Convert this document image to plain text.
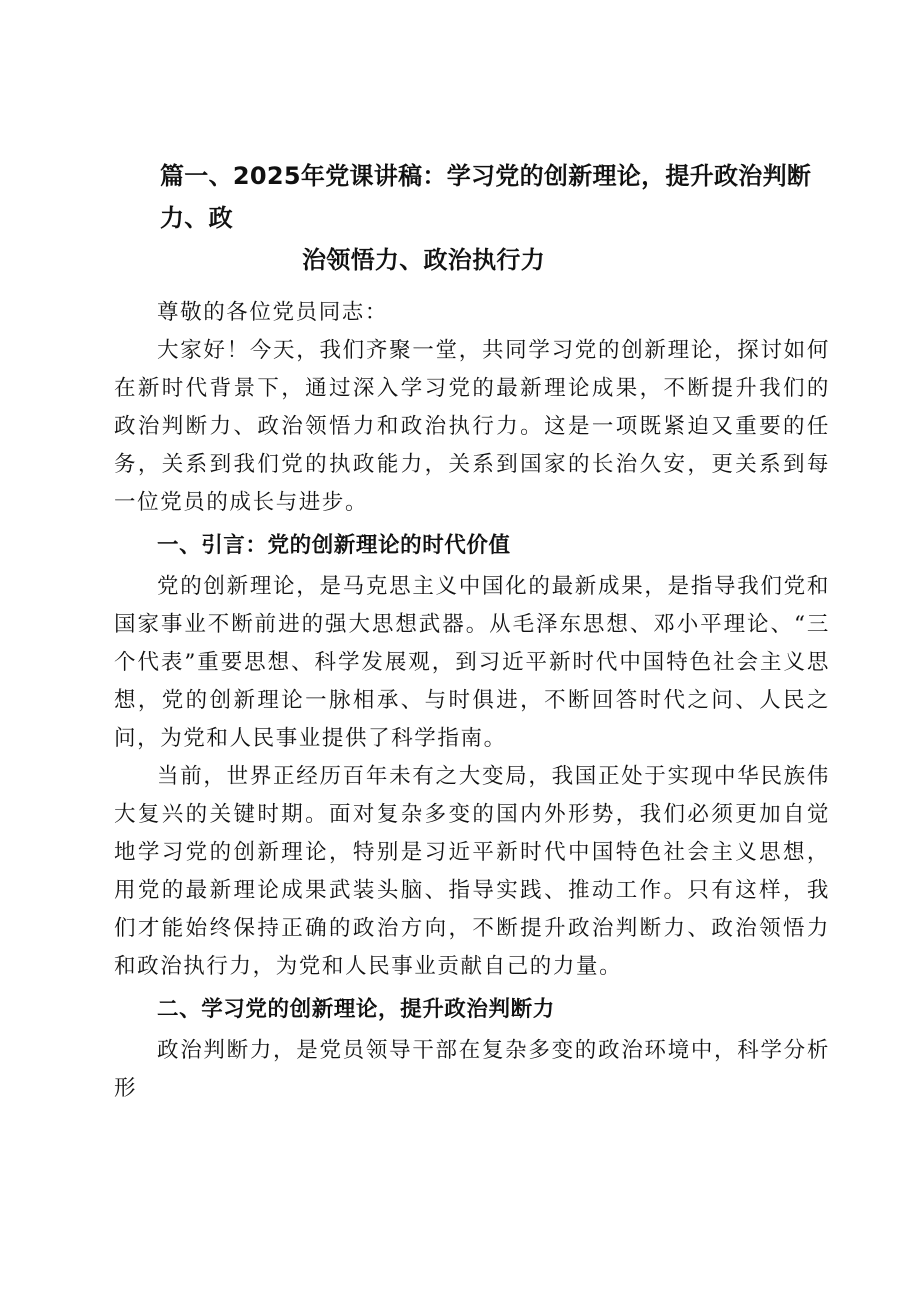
篇一、2025年党课讲稿：学习党的创新理论，提升政治判断力、政
治领悟力、政治执行力

尊敬的各位党员同志：

大家好！今天，我们齐聚一堂，共同学习党的创新理论，探讨如何在新时代背景下，通过深入学习党的最新理论成果，不断提升我们的政治判断力、政治领悟力和政治执行力。这是一项既紧迫又重要的任务，关系到我们党的执政能力，关系到国家的长治久安，更关系到每一位党员的成长与进步。

一、引言：党的创新理论的时代价值

党的创新理论，是马克思主义中国化的最新成果，是指导我们党和国家事业不断前进的强大思想武器。从毛泽东思想、邓小平理论、“三个代表”重要思想、科学发展观，到习近平新时代中国特色社会主义思想，党的创新理论一脉相承、与时俱进，不断回答时代之问、人民之问，为党和人民事业提供了科学指南。

当前，世界正经历百年未有之大变局，我国正处于实现中华民族伟大复兴的关键时期。面对复杂多变的国内外形势，我们必须更加自觉地学习党的创新理论，特别是习近平新时代中国特色社会主义思想，用党的最新理论成果武装头脑、指导实践、推动工作。只有这样，我们才能始终保持正确的政治方向，不断提升政治判断力、政治领悟力和政治执行力，为党和人民事业贡献自己的力量。

二、学习党的创新理论，提升政治判断力

政治判断力，是党员领导干部在复杂多变的政治环境中，科学分析形
